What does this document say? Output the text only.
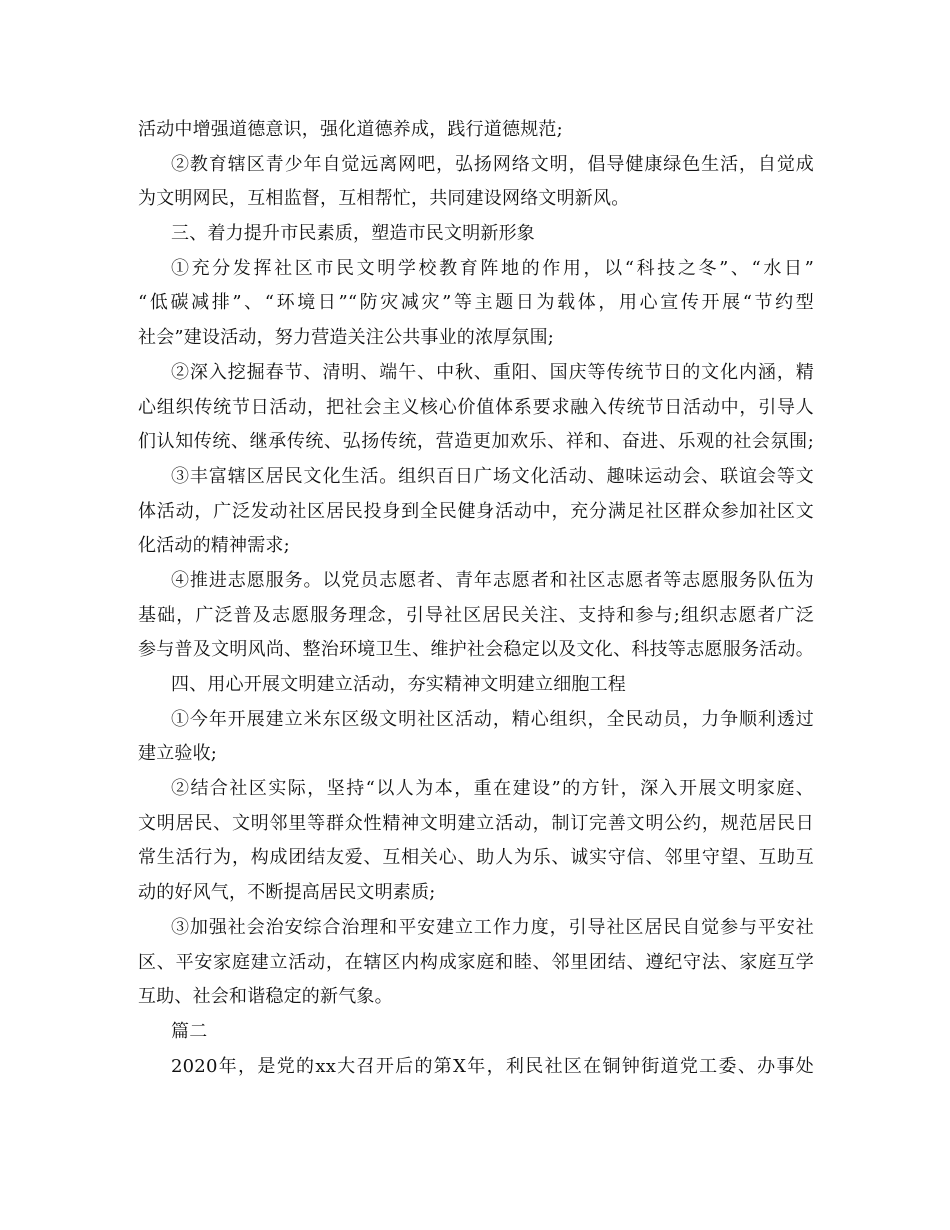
活动中增强道德意识，强化道德养成，践行道德规范;
②教育辖区青少年自觉远离网吧，弘扬网络文明，倡导健康绿色生活，自觉成
为文明网民，互相监督，互相帮忙，共同建设网络文明新风。
三、着力提升市民素质，塑造市民文明新形象
①充分发挥社区市民文明学校教育阵地的作用，以“科技之冬”、“水日”
“低碳减排”、“环境日”“防灾减灾”等主题日为载体，用心宣传开展“节约型
社会”建设活动，努力营造关注公共事业的浓厚氛围;
②深入挖掘春节、清明、端午、中秋、重阳、国庆等传统节日的文化内涵，精
心组织传统节日活动，把社会主义核心价值体系要求融入传统节日活动中，引导人
们认知传统、继承传统、弘扬传统，营造更加欢乐、祥和、奋进、乐观的社会氛围;
③丰富辖区居民文化生活。组织百日广场文化活动、趣味运动会、联谊会等文
体活动，广泛发动社区居民投身到全民健身活动中，充分满足社区群众参加社区文
化活动的精神需求;
④推进志愿服务。以党员志愿者、青年志愿者和社区志愿者等志愿服务队伍为
基础，广泛普及志愿服务理念，引导社区居民关注、支持和参与;组织志愿者广泛
参与普及文明风尚、整治环境卫生、维护社会稳定以及文化、科技等志愿服务活动。
四、用心开展文明建立活动，夯实精神文明建立细胞工程
①今年开展建立米东区级文明社区活动，精心组织，全民动员，力争顺利透过
建立验收;
②结合社区实际，坚持“以人为本，重在建设”的方针，深入开展文明家庭、
文明居民、文明邻里等群众性精神文明建立活动，制订完善文明公约，规范居民日
常生活行为，构成团结友爱、互相关心、助人为乐、诚实守信、邻里守望、互助互
动的好风气，不断提高居民文明素质;
③加强社会治安综合治理和平安建立工作力度，引导社区居民自觉参与平安社
区、平安家庭建立活动，在辖区内构成家庭和睦、邻里团结、遵纪守法、家庭互学
互助、社会和谐稳定的新气象。
篇二
2020年，是党的xx大召开后的第X年，利民社区在铜钟街道党工委、办事处
